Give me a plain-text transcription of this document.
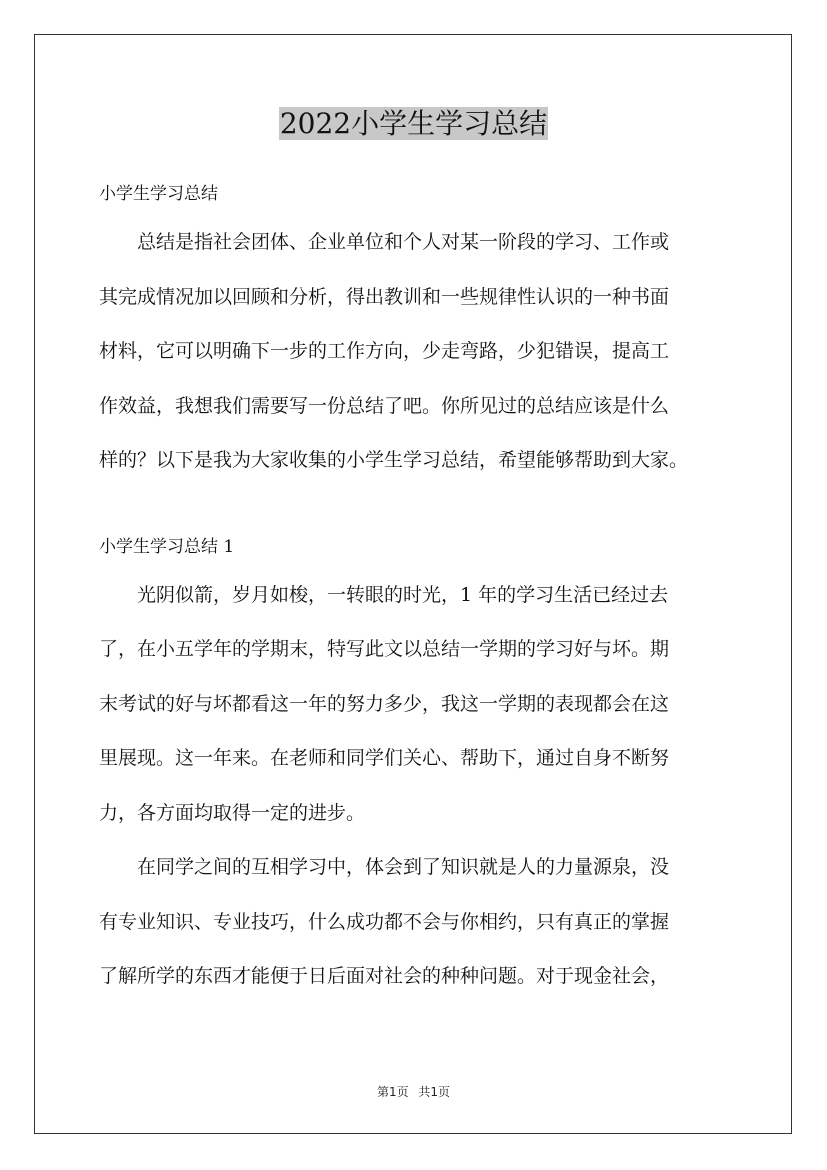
2022小学生学习总结

小学生学习总结

总结是指社会团体、企业单位和个人对某一阶段的学习、工作或
其完成情况加以回顾和分析，得出教训和一些规律性认识的一种书面
材料，它可以明确下一步的工作方向，少走弯路，少犯错误，提高工
作效益，我想我们需要写一份总结了吧。你所见过的总结应该是什么
样的？以下是我为大家收集的小学生学习总结，希望能够帮助到大家。

小学生学习总结 1

光阴似箭，岁月如梭，一转眼的时光，1 年的学习生活已经过去
了，在小五学年的学期末，特写此文以总结一学期的学习好与坏。期
末考试的好与坏都看这一年的努力多少，我这一学期的表现都会在这
里展现。这一年来。在老师和同学们关心、帮助下，通过自身不断努
力，各方面均取得一定的进步。

在同学之间的互相学习中，体会到了知识就是人的力量源泉，没
有专业知识、专业技巧，什么成功都不会与你相约，只有真正的掌握
了解所学的东西才能便于日后面对社会的种种问题。对于现金社会，

第1页 共1页
